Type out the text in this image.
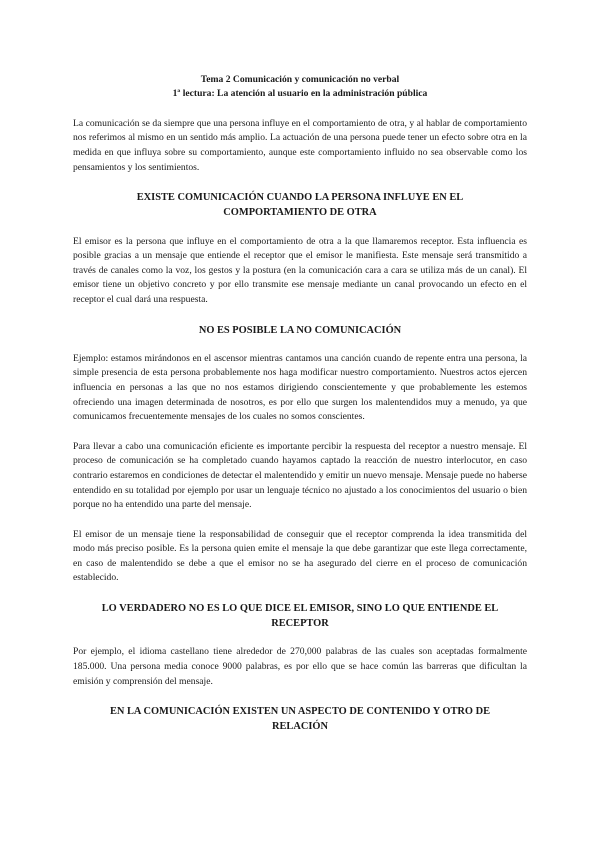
Tema 2 Comunicación y comunicación no verbal
1ª lectura: La atención al usuario en la administración pública

La comunicación se da siempre que una persona influye en el comportamiento de otra, y al hablar de comportamiento nos referimos al mismo en un sentido más amplio. La actuación de una persona puede tener un efecto sobre otra en la medida en que influya sobre su comportamiento, aunque este comportamiento influido no sea observable como los pensamientos y los sentimientos.

EXISTE COMUNICACIÓN CUANDO LA PERSONA INFLUYE EN EL COMPORTAMIENTO DE OTRA

El emisor es la persona que influye en el comportamiento de otra a la que llamaremos receptor. Esta influencia es posible gracias a un mensaje que entiende el receptor que el emisor le manifiesta. Este mensaje será transmitido a través de canales como la voz, los gestos y la postura (en la comunicación cara a cara se utiliza más de un canal). El emisor tiene un objetivo concreto y por ello transmite ese mensaje mediante un canal provocando un efecto en el receptor el cual dará una respuesta.

NO ES POSIBLE LA NO COMUNICACIÓN

Ejemplo: estamos mirándonos en el ascensor mientras cantamos una canción cuando de repente entra una persona, la simple presencia de esta persona probablemente nos haga modificar nuestro comportamiento. Nuestros actos ejercen influencia en personas a las que no nos estamos dirigiendo conscientemente y que probablemente les estemos ofreciendo una imagen determinada de nosotros, es por ello que surgen los malentendidos muy a menudo, ya que comunicamos frecuentemente mensajes de los cuales no somos conscientes.

Para llevar a cabo una comunicación eficiente es importante percibir la respuesta del receptor a nuestro mensaje. El proceso de comunicación se ha completado cuando hayamos captado la reacción de nuestro interlocutor, en caso contrario estaremos en condiciones de detectar el malentendido y emitir un nuevo mensaje. Mensaje puede no haberse entendido en su totalidad por ejemplo por usar un lenguaje técnico no ajustado a los conocimientos del usuario o bien porque no ha entendido una parte del mensaje.

El emisor de un mensaje tiene la responsabilidad de conseguir que el receptor comprenda la idea transmitida del modo más preciso posible. Es la persona quien emite el mensaje la que debe garantizar que este llega correctamente, en caso de malentendido se debe a que el emisor no se ha asegurado del cierre en el proceso de comunicación establecido.

LO VERDADERO NO ES LO QUE DICE EL EMISOR, SINO LO QUE ENTIENDE EL RECEPTOR

Por ejemplo, el idioma castellano tiene alrededor de 270,000 palabras de las cuales son aceptadas formalmente 185.000. Una persona media conoce 9000 palabras, es por ello que se hace común las barreras que dificultan la emisión y comprensión del mensaje.

EN LA COMUNICACIÓN EXISTEN UN ASPECTO DE CONTENIDO Y OTRO DE RELACIÓN
